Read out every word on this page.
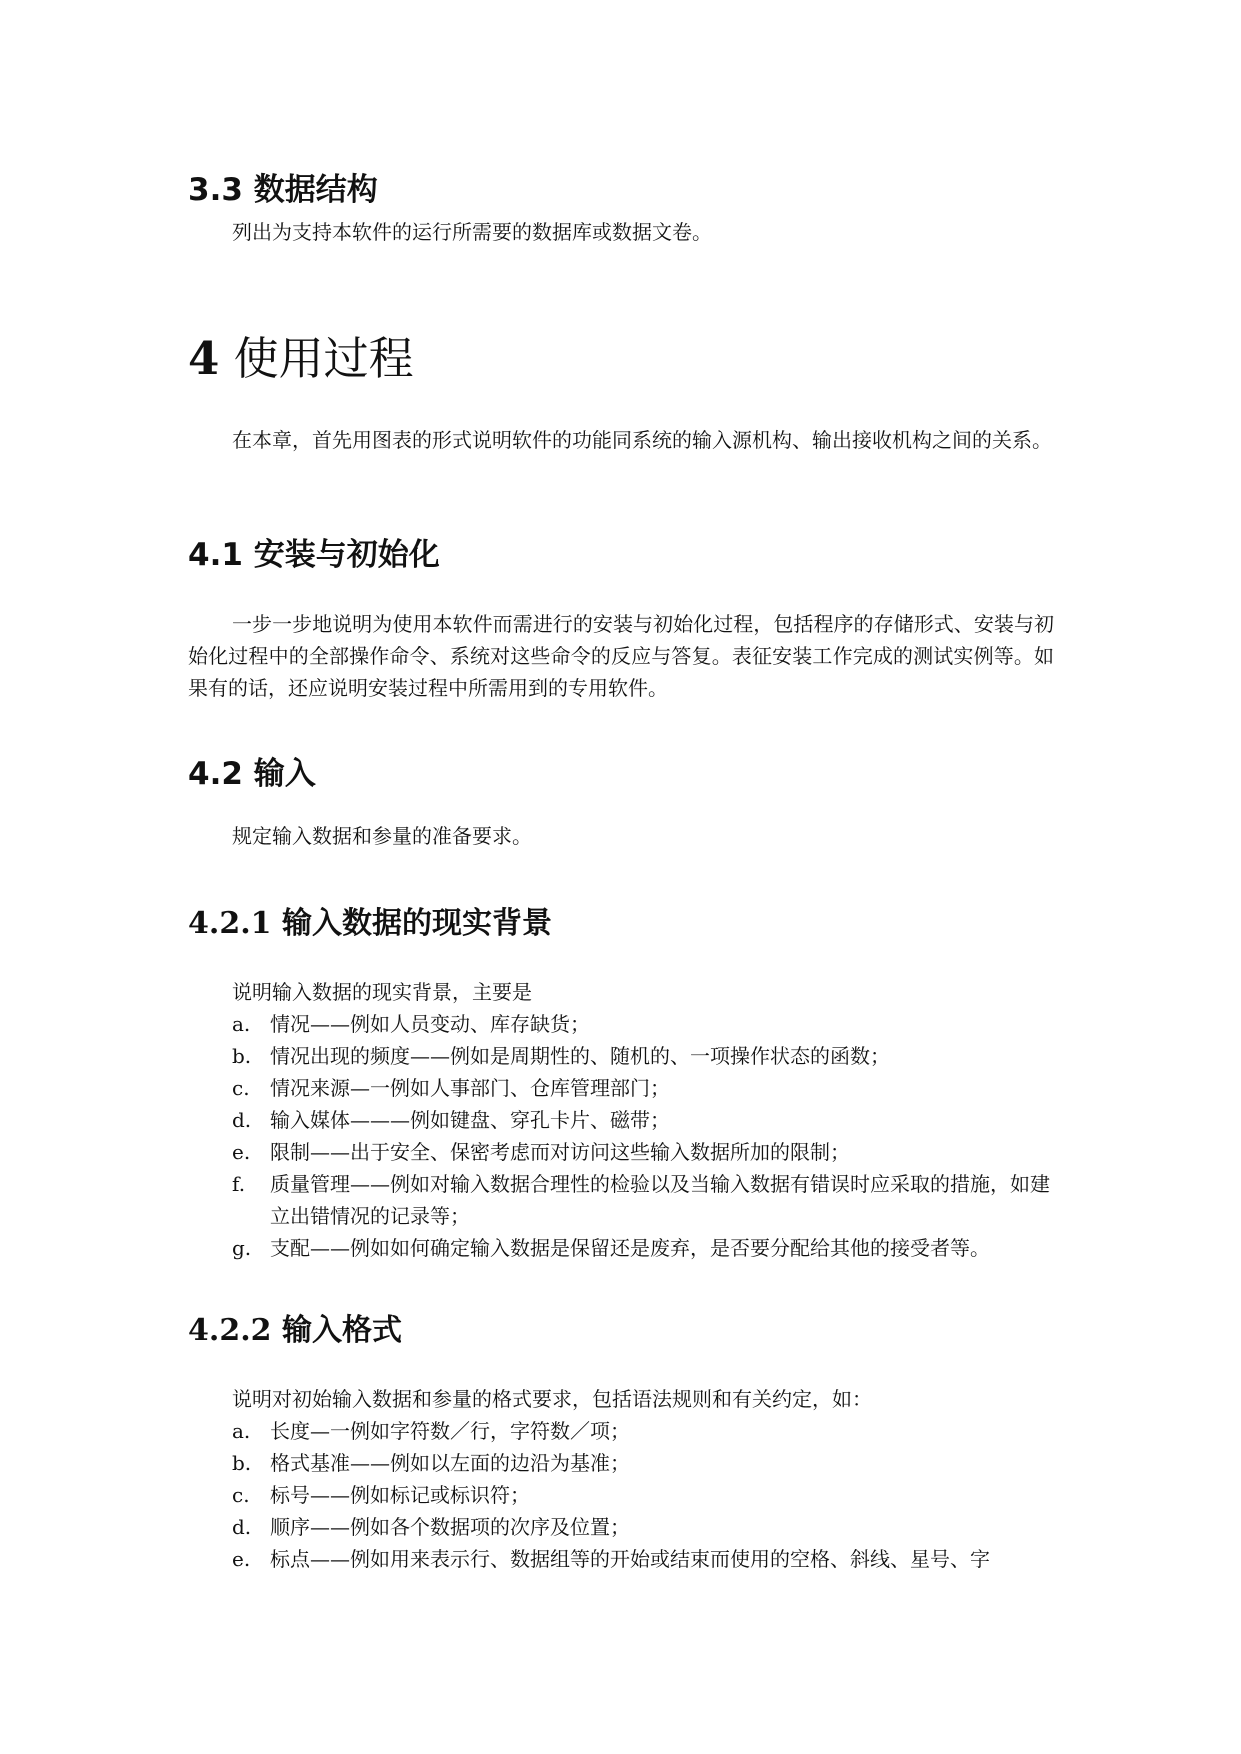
3.3 数据结构

列出为支持本软件的运行所需要的数据库或数据文卷。

4 使用过程

在本章，首先用图表的形式说明软件的功能同系统的输入源机构、输出接收机构之间的关系。

4.1 安装与初始化

一步一步地说明为使用本软件而需进行的安装与初始化过程，包括程序的存储形式、安装与初始化过程中的全部操作命令、系统对这些命令的反应与答复。表征安装工作完成的测试实例等。如果有的话，还应说明安装过程中所需用到的专用软件。

4.2 输入

规定输入数据和参量的准备要求。

4.2.1 输入数据的现实背景

说明输入数据的现实背景，主要是

a. 情况——例如人员变动、库存缺货；
b. 情况出现的频度——例如是周期性的、随机的、一项操作状态的函数；
c. 情况来源—一例如人事部门、仓库管理部门；
d. 输入媒体———例如键盘、穿孔卡片、磁带；
e. 限制——出于安全、保密考虑而对访问这些输入数据所加的限制；
f. 质量管理——例如对输入数据合理性的检验以及当输入数据有错误时应采取的措施，如建立出错情况的记录等；
g. 支配——例如如何确定输入数据是保留还是废弃，是否要分配给其他的接受者等。
4.2.2 输入格式

说明对初始输入数据和参量的格式要求，包括语法规则和有关约定，如：

a. 长度—一例如字符数／行，字符数／项；
b. 格式基准——例如以左面的边沿为基准；
c. 标号——例如标记或标识符；
d. 顺序——例如各个数据项的次序及位置；
e. 标点——例如用来表示行、数据组等的开始或结束而使用的空格、斜线、星号、字
